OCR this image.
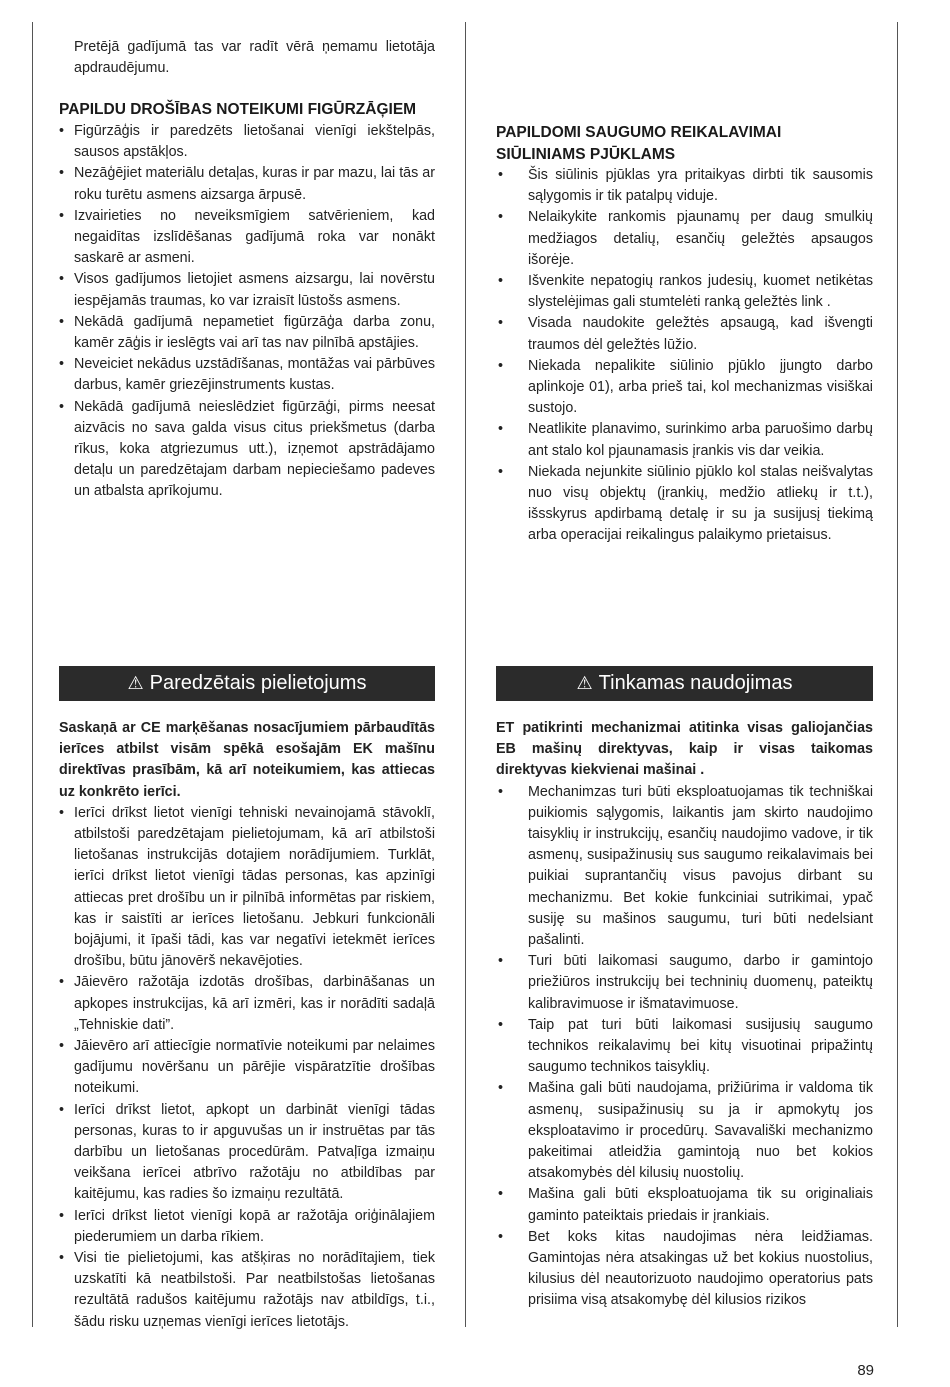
Pretējā gadījumā tas var radīt vērā ņemamu lietotāja apdraudējumu.

PAPILDU DROŠĪBAS NOTEIKUMI FIGŪRZĀĢIEM

• Figūrzāģis ir paredzēts lietošanai vienīgi iekštelpās, sausos apstākļos.
• Nezāģējiet materiālu detaļas, kuras ir par mazu, lai tās ar roku turētu asmens aizsarga ārpusē.
• Izvairieties no neveiksmīgiem satvērieniem, kad negaidītas izslīdēšanas gadījumā roka var nonākt saskarē ar asmeni.
• Visos gadījumos lietojiet asmens aizsargu, lai novērstu iespējamās traumas, ko var izraisīt lūstošs asmens.
• Nekādā gadījumā nepametiet figūrzāģa darba zonu, kamēr zāģis ir ieslēgts vai arī tas nav pilnībā apstājies.
• Neveiciet nekādus uzstādīšanas, montāžas vai pārbūves darbus, kamēr griezējinstruments kustas.
• Nekādā gadījumā neieslēdziet figūrzāģi, pirms neesat aizvācis no sava galda visus citus priekšmetus (darba rīkus, koka atgriezumus utt.), izņemot apstrādājamo detaļu un paredzētajam darbam nepieciešamo padeves un atbalsta aprīkojumu.

PAPILDOMI SAUGUMO REIKALAVIMAI SIŪLINIAMS PJŪKLAMS

• Šis siūlinis pjūklas yra pritaikyas dirbti tik sausomis sąlygomis ir tik patalpų viduje.
• Nelaikykite rankomis pjaunamų per daug smulkių medžiagos detalių, esančių geležtės apsaugos išorėje.
• Išvenkite nepatogių rankos judesių, kuomet netikėtas slystelėjimas gali stumtelėti ranką geležtės link .
• Visada naudokite geležtės apsaugą, kad išvengti traumos dėl geležtės lūžio.
• Niekada nepalikite siūlinio pjūklo įjungto darbo aplinkoje 01), arba prieš tai, kol mechanizmas visiškai sustojo.
• Neatlikite planavimo, surinkimo arba paruošimo darbų ant stalo kol pjaunamasis įrankis vis dar veikia.
• Niekada nejunkite siūlinio pjūklo kol stalas neišvalytas nuo visų objektų (įrankių, medžio atliekų ir t.t.), išsskyrus apdirbamą detalę ir su ja susijusį tiekimą arba operacijai reikalingus palaikymo prietaisus.
⚠ Paredzētais pielietojums	⚠ Tinkamas naudojimas

Saskaņā ar CE marķēšanas nosacījumiem pārbaudītās ierīces atbilst visām spēkā esošajām EK mašīnu direktīvas prasībām, kā arī noteikumiem, kas attiecas uz konkrēto ierīci.

• Ierīci drīkst lietot vienīgi tehniski nevainojamā stāvoklī, atbilstoši paredzētajam pielietojumam, kā arī atbilstoši lietošanas instrukcijās dotajiem norādījumiem. Turklāt, ierīci drīkst lietot vienīgi tādas personas, kas apzinīgi attiecas pret drošību un ir pilnībā informētas par riskiem, kas ir saistīti ar ierīces lietošanu. Jebkuri funkcionāli bojājumi, it īpaši tādi, kas var negatīvi ietekmēt ierīces drošību, būtu jānovērš nekavējoties.
• Jāievēro ražotāja izdotās drošības, darbināšanas un apkopes instrukcijas, kā arī izmēri, kas ir norādīti sadaļā „Tehniskie dati”.
• Jāievēro arī attiecīgie normatīvie noteikumi par nelaimes gadījumu novēršanu un pārējie vispāratzītie drošības noteikumi.
• Ierīci drīkst lietot, apkopt un darbināt vienīgi tādas personas, kuras to ir apguvušas un ir instruētas par tās darbību un lietošanas procedūrām. Patvaļīga izmaiņu veikšana ierīcei atbrīvo ražotāju no atbildības par kaitējumu, kas radies šo izmaiņu rezultātā.
• Ierīci drīkst lietot vienīgi kopā ar ražotāja oriģinālajiem piederumiem un darba rīkiem.
• Visi tie pielietojumi, kas atšķiras no norādītajiem, tiek uzskatīti kā neatbilstoši. Par neatbilstošas lietošanas rezultātā radušos kaitējumu ražotājs nav atbildīgs, t.i., šādu risku uzņemas vienīgi ierīces lietotājs.

ET patikrinti mechanizmai atitinka visas galiojančias EB mašinų direktyvas, kaip ir visas taikomas direktyvas kiekvienai mašinai .

• Mechanimzas turi būti eksploatuojamas tik techniškai puikiomis sąlygomis, laikantis jam skirto naudojimo taisyklių ir instrukcijų, esančių naudojimo vadove, ir tik asmenų, susipažinusių sus saugumo reikalavimais bei puikiai suprantančių visus pavojus dirbant su mechanizmu. Bet kokie funkciniai sutrikimai, ypač susiję su mašinos saugumu, turi būti nedelsiant pašalinti.
• Turi būti laikomasi saugumo, darbo ir gamintojo priežiūros instrukcijų bei techninių duomenų, pateiktų kalibravimuose ir išmatavimuose.
• Taip pat turi būti laikomasi susijusių saugumo technikos reikalavimų bei kitų visuotinai pripažintų saugumo technikos taisyklių.
• Mašina gali būti naudojama, prižiūrima ir valdoma tik asmenų, susipažinusių su ja ir apmokytų jos eksploatavimo ir procedūrų. Savavališki mechanizmo pakeitimai atleidžia gamintoją nuo bet kokios atsakomybės dėl kilusių nuostolių.
• Mašina gali būti eksploatuojama tik su originaliais gaminto pateiktais priedais ir įrankiais.
• Bet koks kitas naudojimas nėra leidžiamas. Gamintojas nėra atsakingas už bet kokius nuostolius, kilusius dėl neautorizuoto naudojimo operatorius pats prisiima visą atsakomybę dėl kilusios rizikos
89
